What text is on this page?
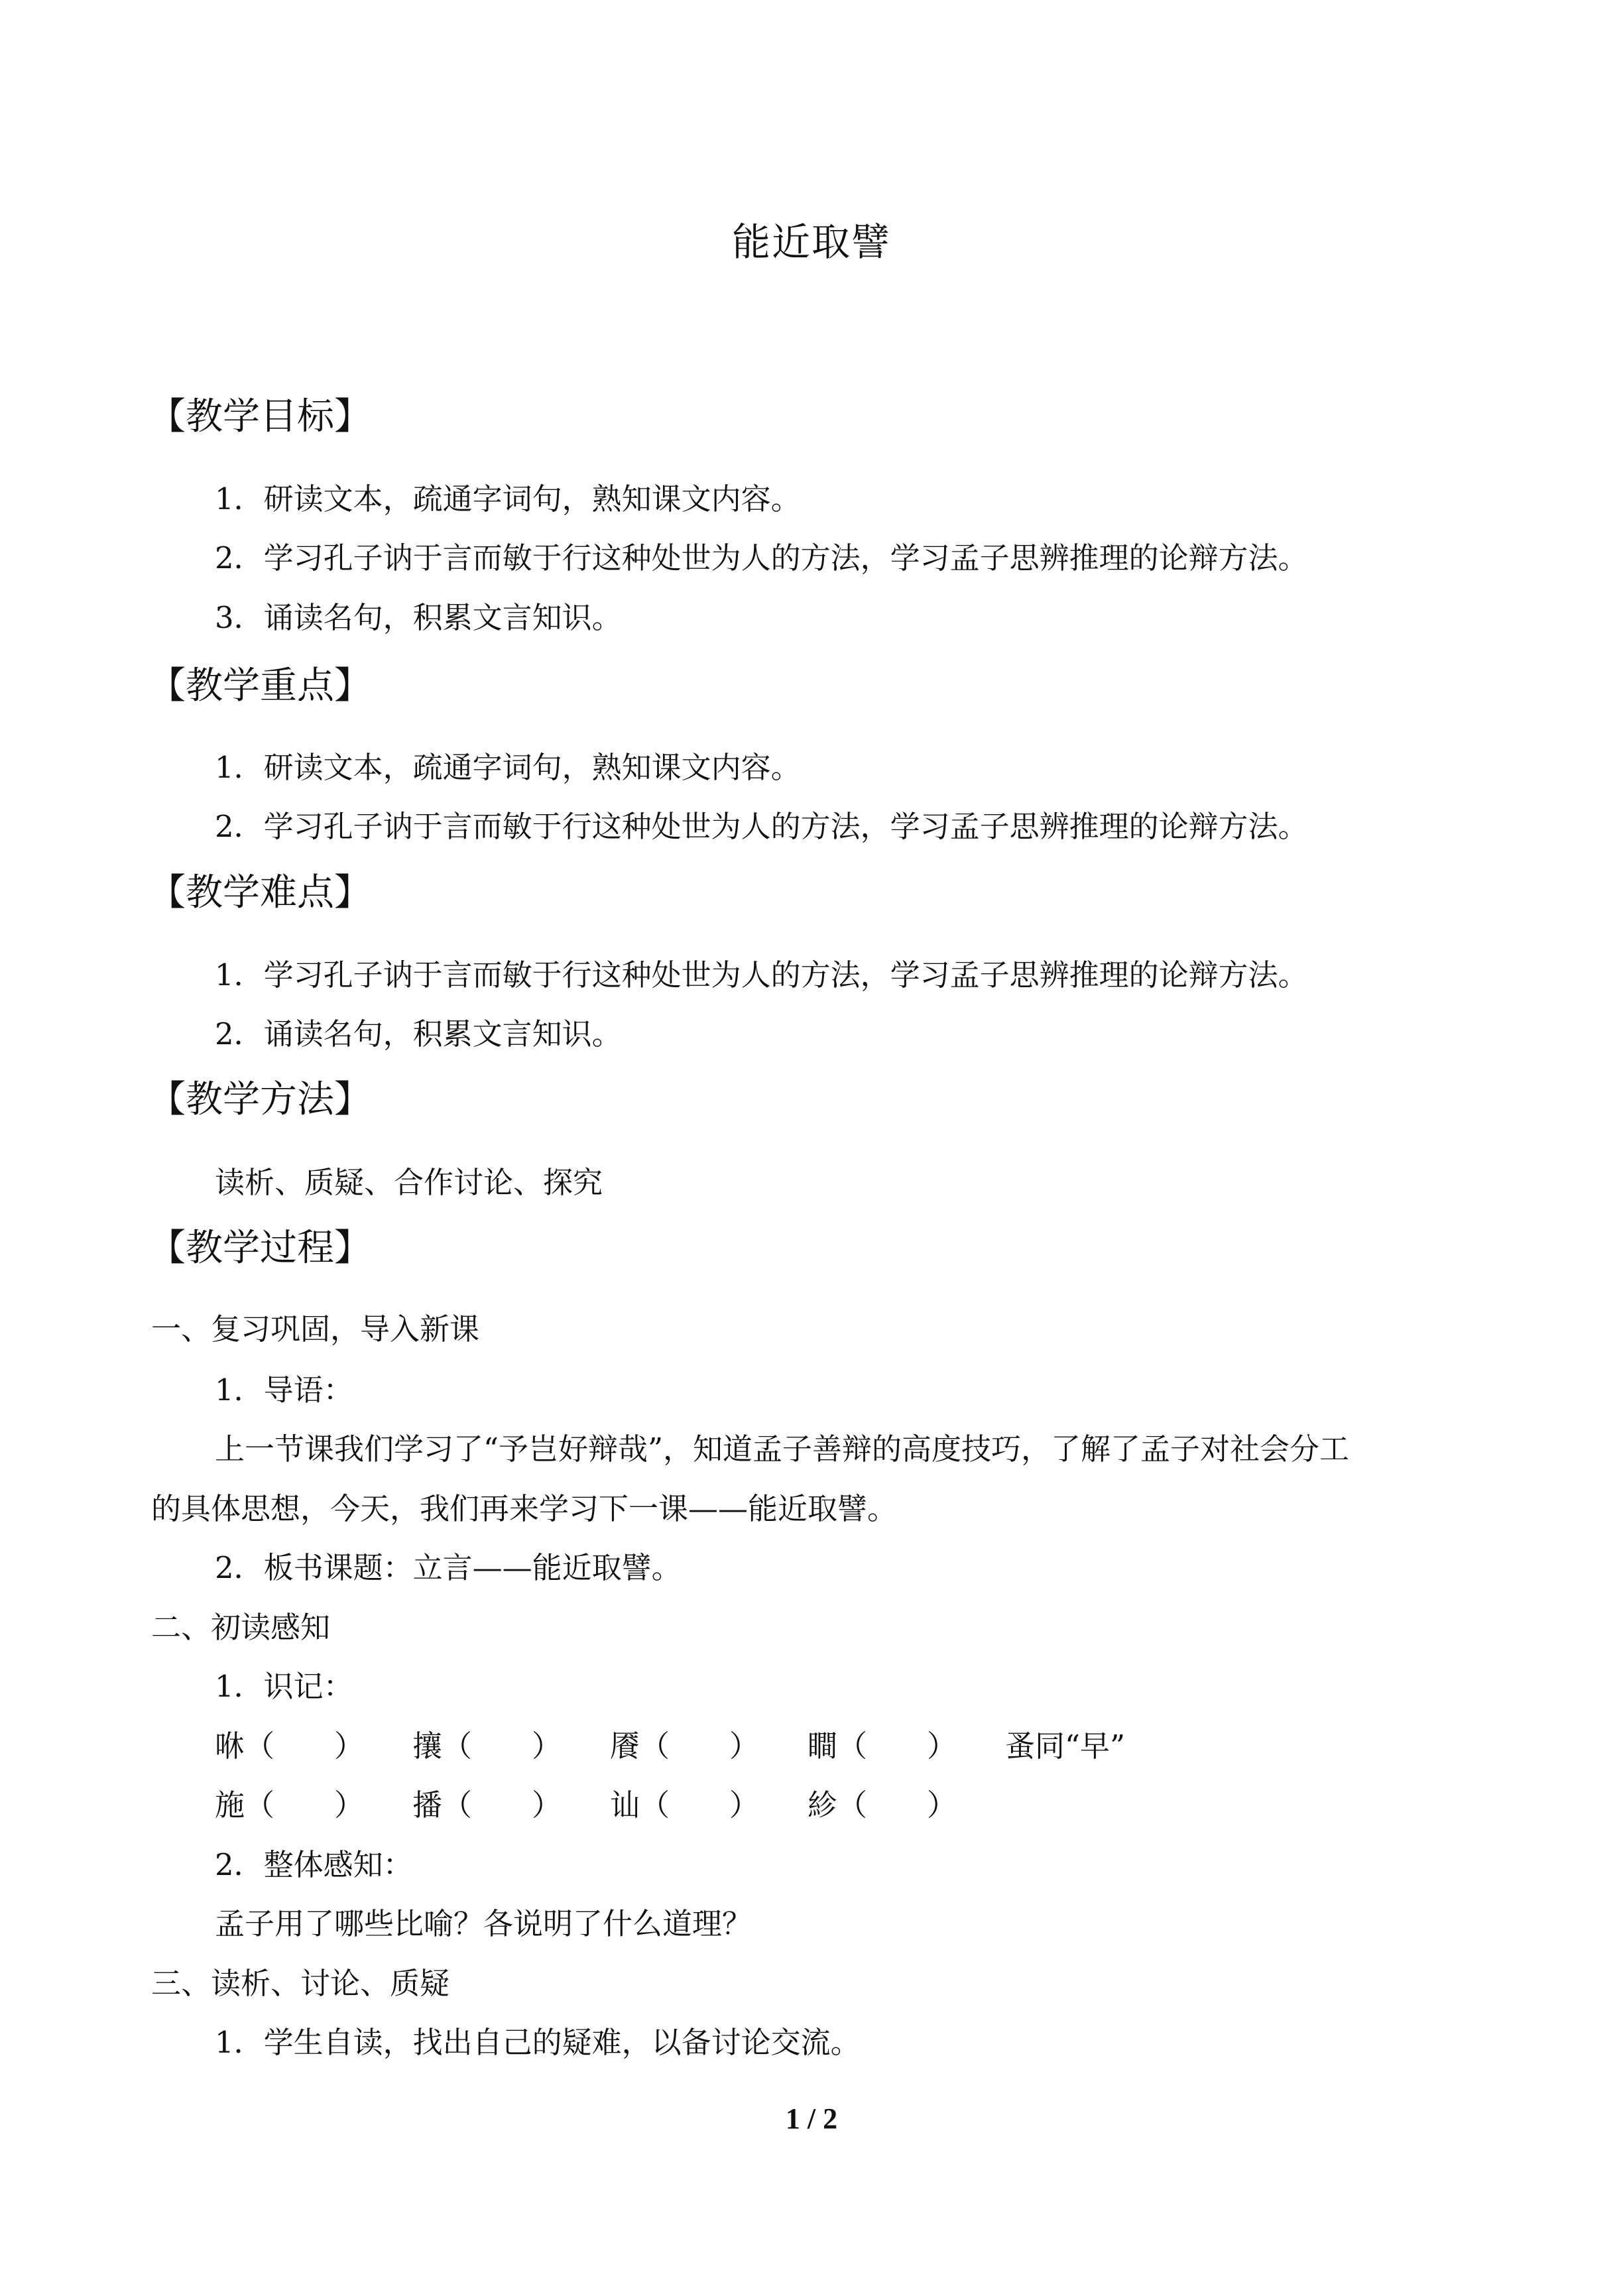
能近取譬
【教学目标】
1．研读文本，疏通字词句，熟知课文内容。
2．学习孔子讷于言而敏于行这种处世为人的方法，学习孟子思辨推理的论辩方法。
3．诵读名句，积累文言知识。
【教学重点】
1．研读文本，疏通字词句，熟知课文内容。
2．学习孔子讷于言而敏于行这种处世为人的方法，学习孟子思辨推理的论辩方法。
【教学难点】
1．学习孔子讷于言而敏于行这种处世为人的方法，学习孟子思辨推理的论辩方法。
2．诵读名句，积累文言知识。
【教学方法】
读析、质疑、合作讨论、探究
【教学过程】
一、复习巩固，导入新课
1．导语：
上一节课我们学习了“予岂好辩哉”，知道孟子善辩的高度技巧，了解了孟子对社会分工
的具体思想，今天，我们再来学习下一课——能近取譬。
2．板书课题：立言——能近取譬。
二、初读感知
1．识记：
咻（　　） 攘（　　） 餍（　　） 瞷（　　） 蚤同“早”
施（　　） 播（　　） 讪（　　） 紾（　　）
2．整体感知：
孟子用了哪些比喻？各说明了什么道理？
三、读析、讨论、质疑
1．学生自读，找出自己的疑难，以备讨论交流。
1 / 2
